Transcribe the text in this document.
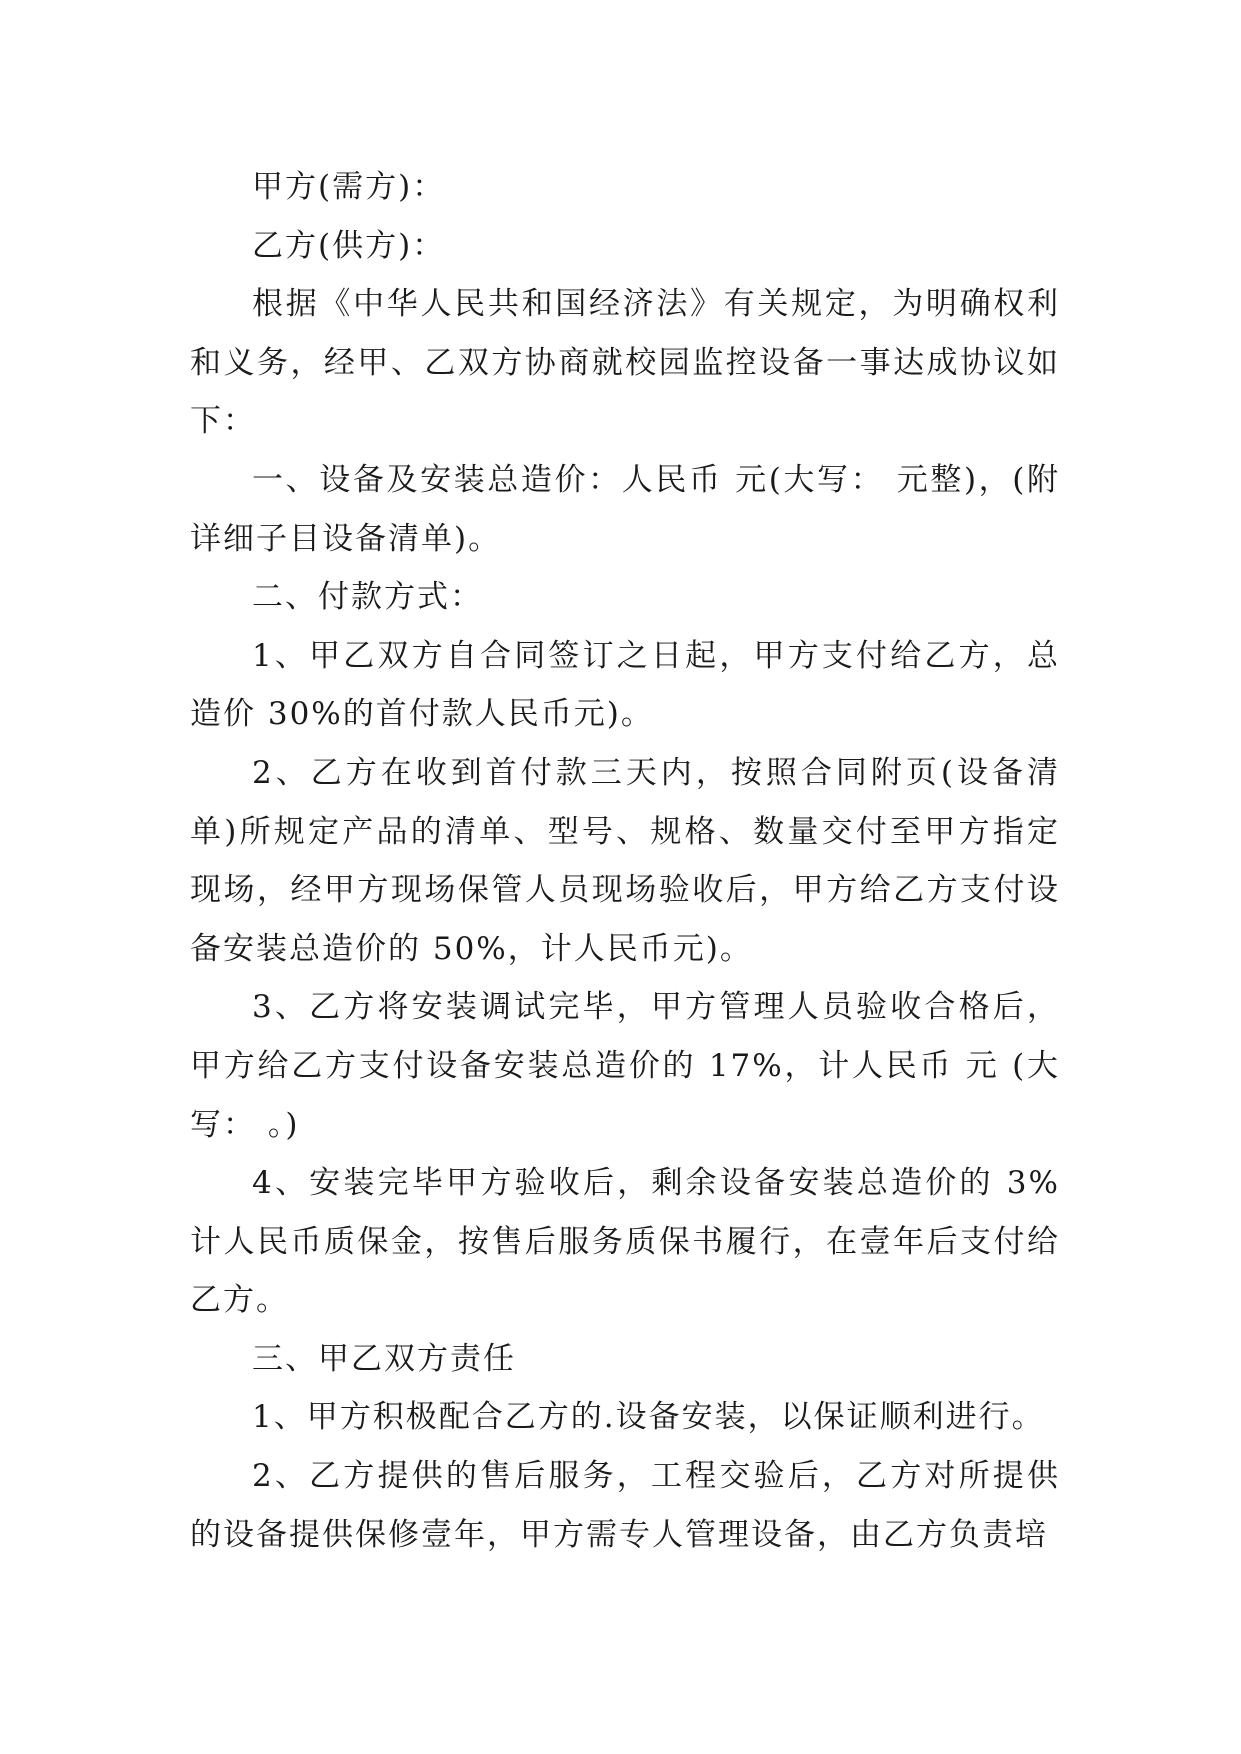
甲方(需方)：

乙方(供方)：

根据《中华人民共和国经济法》有关规定，为明确权利和义务，经甲、乙双方协商就校园监控设备一事达成协议如下：

一、设备及安装总造价：人民币 元(大写： 元整)，(附详细子目设备清单)。

二、付款方式：

1、甲乙双方自合同签订之日起，甲方支付给乙方，总造价 30%的首付款人民币元)。

2、乙方在收到首付款三天内，按照合同附页(设备清单)所规定产品的清单、型号、规格、数量交付至甲方指定现场，经甲方现场保管人员现场验收后，甲方给乙方支付设备安装总造价的 50%，计人民币元)。

3、乙方将安装调试完毕，甲方管理人员验收合格后，甲方给乙方支付设备安装总造价的 17%，计人民币 元 (大写： 。)

4、安装完毕甲方验收后，剩余设备安装总造价的 3%计人民币质保金，按售后服务质保书履行，在壹年后支付给乙方。

三、甲乙双方责任

1、甲方积极配合乙方的.设备安装，以保证顺利进行。

2、乙方提供的售后服务，工程交验后，乙方对所提供的设备提供保修壹年，甲方需专人管理设备，由乙方负责培
